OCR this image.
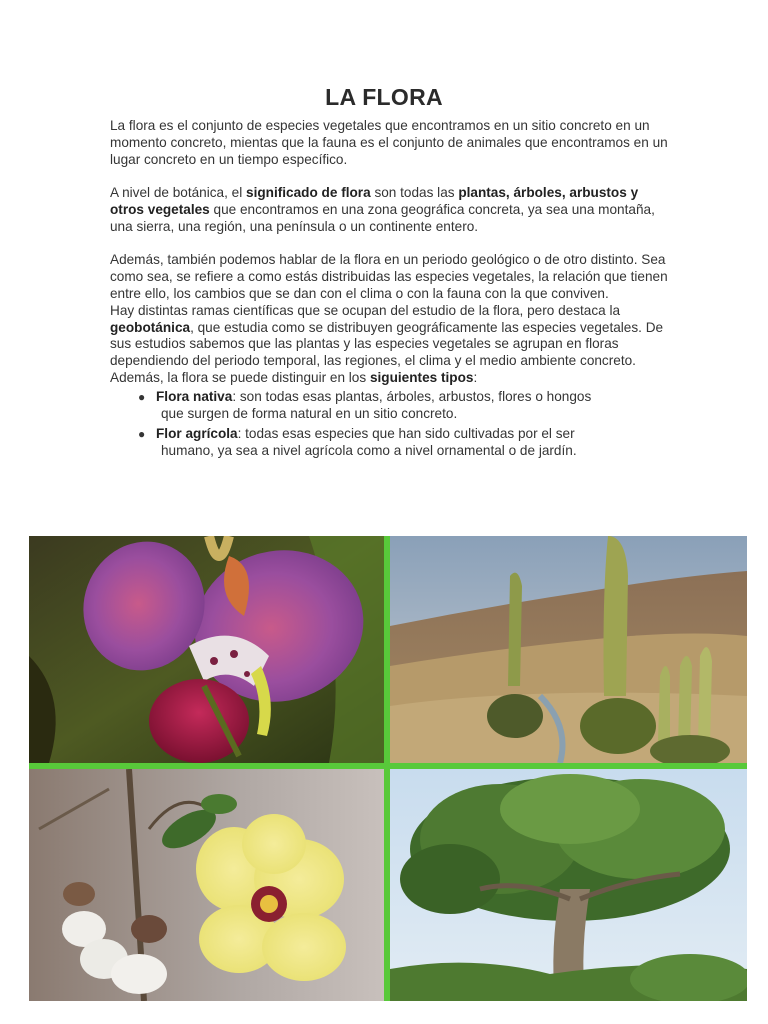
LA FLORA

La flora es el conjunto de especies vegetales que encontramos en un sitio concreto en un momento concreto, mientas que la fauna es el conjunto de animales que encontramos en un lugar concreto en un tiempo específico.

A nivel de botánica, el significado de flora son todas las plantas, árboles, arbustos y otros vegetales que encontramos en una zona geográfica concreta, ya sea una montaña, una sierra, una región, una península o un continente entero.

Además, también podemos hablar de la flora en un periodo geológico o de otro distinto. Sea como sea, se refiere a como estás distribuidas las especies vegetales, la relación que tienen entre ello, los cambios que se dan con el clima o con la fauna con la que conviven.

Hay distintas ramas científicas que se ocupan del estudio de la flora, pero destaca la geobotánica, que estudia como se distribuyen geográficamente las especies vegetales. De sus estudios sabemos que las plantas y las especies vegetales se agrupan en floras dependiendo del periodo temporal, las regiones, el clima y el medio ambiente concreto. Además, la flora se puede distinguir en los siguientes tipos:

● Flora nativa: son todas esas plantas, árboles, arbustos, flores o hongos
que surgen de forma natural en un sitio concreto.
● Flor agrícola: todas esas especies que han sido cultivadas por el ser
humano, ya sea a nivel agrícola como a nivel ornamental o de jardín.
